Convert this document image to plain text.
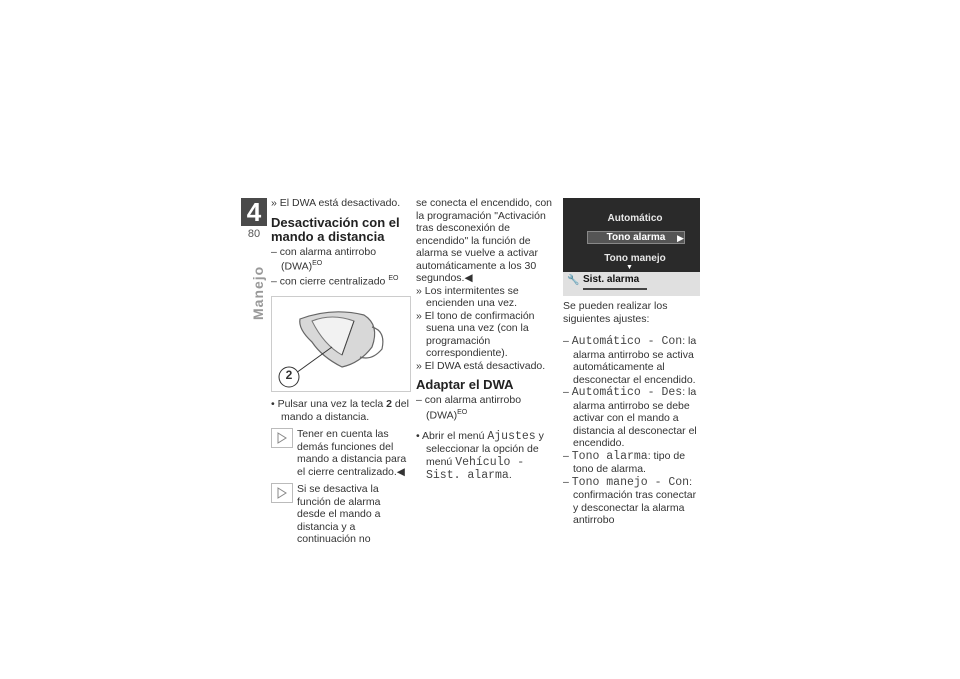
4
80
Manejo

» El DWA está desactivado.

Desactivación con el mando a distancia

– con alarma antirrobo (DWA)$^{EO}$

– con cierre centralizado $^{EO}$

2

• Pulsar una vez la tecla 2 del mando a distancia.

Tener en cuenta las demás funciones del mando a distancia para el cierre centralizado.◀
Si se desactiva la función de alarma desde el mando a distancia y a continuación no

se conecta el encendido, con la programación "Activación tras desconexión de encendido" la función de alarma se vuelve a activar automáticamente a los 30 segundos.◀

» Los intermitentes se encienden una vez.

» El tono de confirmación suena una vez (con la programación correspondiente).

» El DWA está desactivado.

Adaptar el DWA

– con alarma antirrobo (DWA)$^{EO}$

• Abrir el menú Ajustes y seleccionar la opción de menú Vehículo - Sist. alarma.

Automático
Tono alarma	▶
Tono manejo
▼
🔧 Sist. alarma

Se pueden realizar los siguientes ajustes:

– Automático - Con: la alarma antirrobo se activa automáticamente al desconectar el encendido.

– Automático - Des: la alarma antirrobo se debe activar con el mando a distancia al desconectar el encendido.

– Tono alarma: tipo de tono de alarma.

– Tono manejo - Con: confirmación tras conectar y desconectar la alarma antirrobo
